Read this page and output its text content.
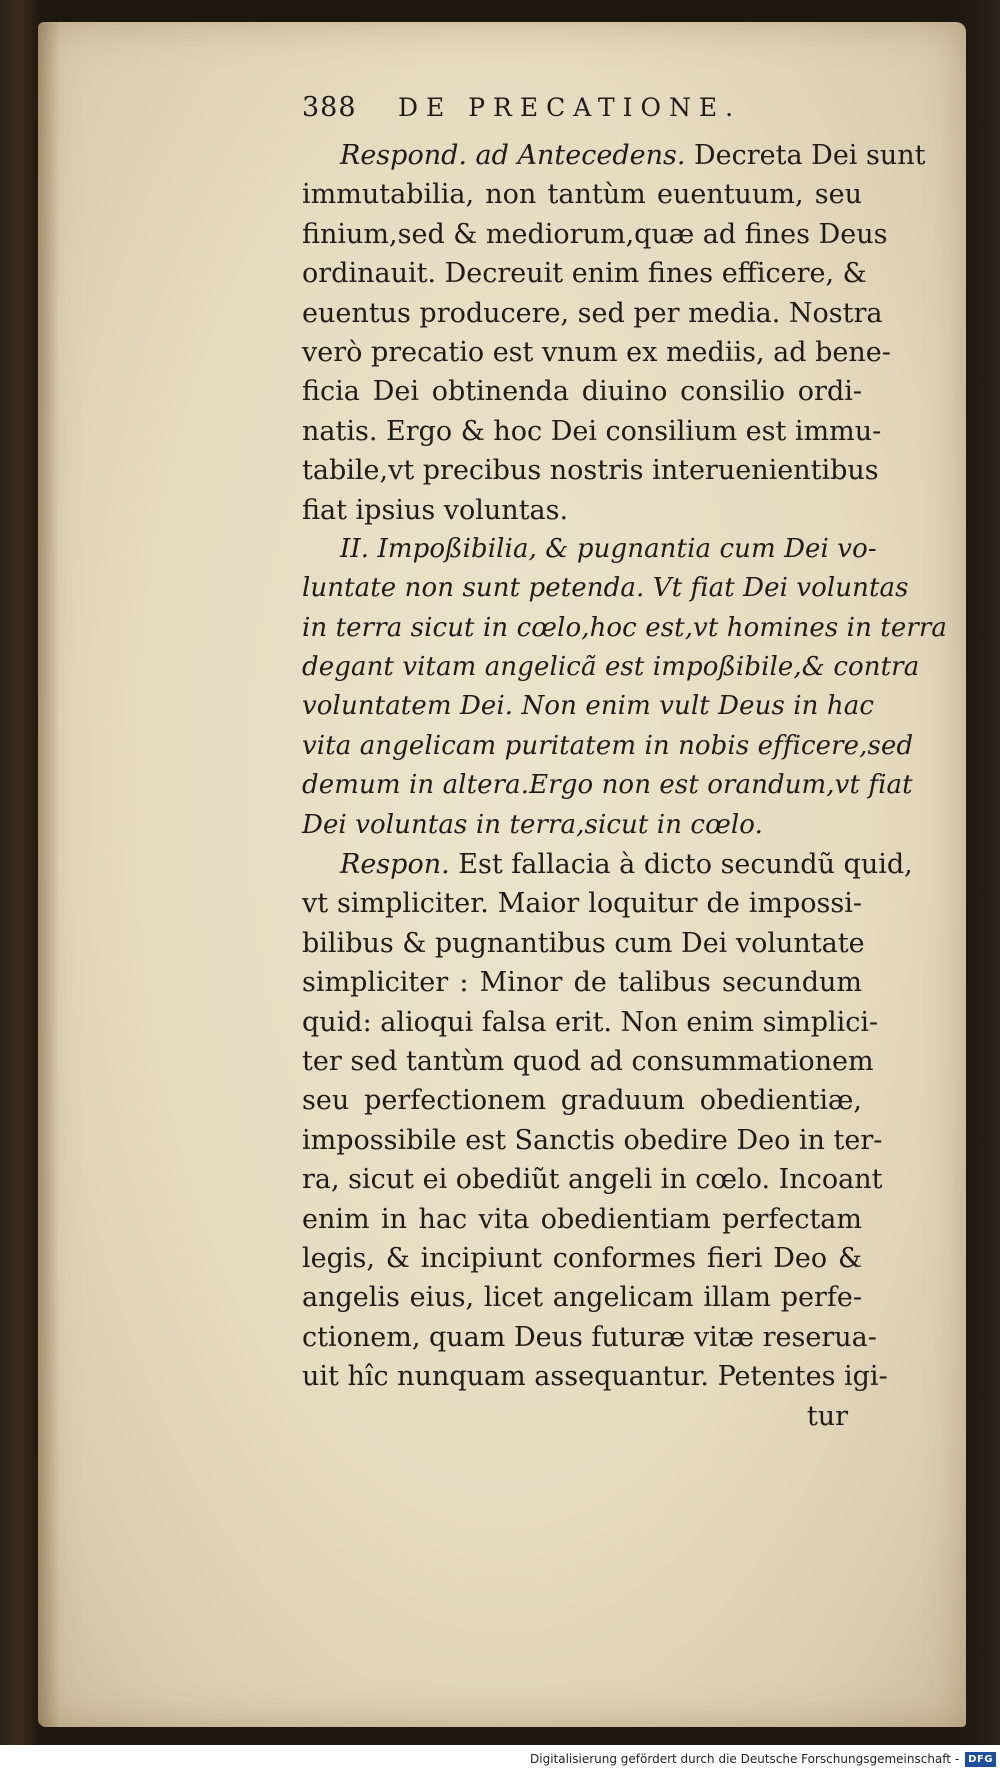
388	DE PRECATIONE.
Respond. ad Antecedens. Decreta Dei sunt
immutabilia, non tantùm euentuum, seu
finium,sed & mediorum,quæ ad fines Deus
ordinauit. Decreuit enim fines efficere, &
euentus producere, sed per media. Nostra
verò precatio est vnum ex mediis, ad bene-
ficia Dei obtinenda diuino consilio ordi-
natis. Ergo & hoc Dei consilium est immu-
tabile,vt precibus nostris interuenientibus
fiat ipsius voluntas.
II. Impoßibilia, & pugnantia cum Dei vo-
luntate non sunt petenda. Vt fiat Dei voluntas
in terra sicut in cœlo,hoc est,vt homines in terra
degant vitam angelicã est impoßibile,& contra
voluntatem Dei. Non enim vult Deus in hac
vita angelicam puritatem in nobis efficere,sed
demum in altera.Ergo non est orandum,vt fiat
Dei voluntas in terra,sicut in cœlo.
Respon. Est fallacia à dicto secundũ quid,
vt simpliciter. Maior loquitur de impossi-
bilibus & pugnantibus cum Dei voluntate
simpliciter : Minor de talibus secundum
quid: alioqui falsa erit. Non enim simplici-
ter sed tantùm quod ad consummationem
seu perfectionem graduum obedientiæ,
impossibile est Sanctis obedire Deo in ter-
ra, sicut ei obediũt angeli in cœlo. Incoant
enim in hac vita obedientiam perfectam
legis, & incipiunt conformes fieri Deo &
angelis eius, licet angelicam illam perfe-
ctionem, quam Deus futuræ vitæ reserua-
uit hîc nunquam assequantur. Petentes igi-
tur
Digitalisierung gefördert durch die Deutsche Forschungsgemeinschaft - DFG
